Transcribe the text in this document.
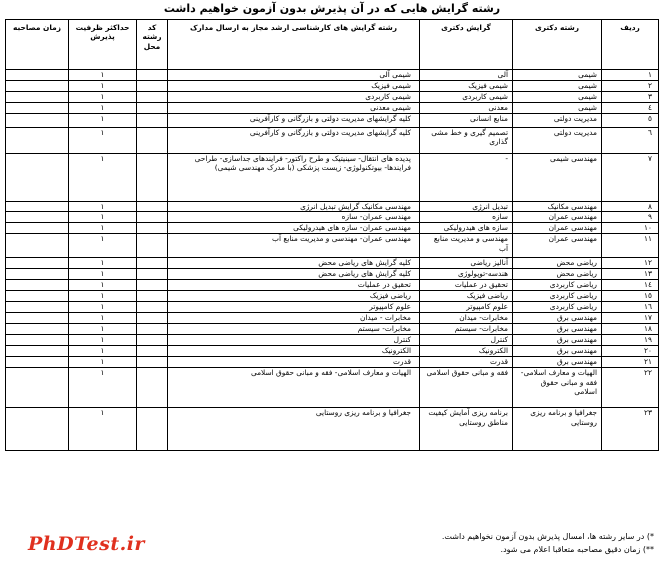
رشته گرایش هایی که در آن پذیرش بدون آزمون خواهیم داشت
ردیف	رشته دکتری	گرایش دکتری	رشته گرایش های کارشناسی ارشد مجاز به ارسال مدارک	کد رشته محل	حداکثر ظرفیت پذیرش	زمان مصاحبه
١	شیمی	آلی	شیمی آلی		١	
٢	شیمی	شیمی فیزیک	شیمی فیزیک		١	
٣	شیمی	شیمی کاربردی	شیمی کاربردی		١	
٤	شیمی	معدنی	شیمی معدنی		١	
٥	مدیریت دولتی	منابع انسانی	کلیه گرایشهای مدیریت دولتی و بازرگانی و کارآفرینی		١	
٦	مدیریت دولتی	تصمیم گیری و خط مشی گذاری	کلیه گرایشهای مدیریت دولتی و بازرگانی و کارآفرینی		١	
٧	مهندسی شیمی	-	پدیده های انتقال- سینیتیک و طرح راکتور- فرایندهای جداسازی- طراحی فرایندها- بیوتکنولوژی- زیست پزشکی (با مدرک مهندسی شیمی)		١	
٨	مهندسی مکانیک	تبدیل انرژی	مهندسی مکانیک گرایش تبدیل انرژی		١	
٩	مهندسی عمران	سازه	مهندسی عمران- سازه		١	
١٠	مهندسی عمران	سازه های هیدرولیکی	مهندسی عمران- سازه های هیدرولیکی		١	
١١	مهندسی عمران	مهندسی و مدیریت منابع آب	مهندسی عمران- مهندسی و مدیریت منابع آب		١	
١٢	ریاضی محض	آنالیز ریاضی	کلیه گرایش های ریاضی محض		١	
١٣	ریاضی محض	هندسه-توپولوژی	کلیه گرایش های ریاضی محض		١	
١٤	ریاضی کاربردی	تحقیق در عملیات	تحقیق در عملیات		١	
١٥	ریاضی کاربردی	ریاضی فیزیک	ریاضی فیزیک		١	
١٦	ریاضی کاربردی	علوم کامپیوتر	علوم کامپیوتر		١	
١٧	مهندسی برق	مخابرات- میدان	مخابرات - میدان		١	
١٨	مهندسی برق	مخابرات- سیستم	مخابرات- سیستم		١	
١٩	مهندسی برق	کنترل	کنترل		١	
٢٠	مهندسی برق	الکترونیک	الکترونیک		١	
٢١	مهندسی برق	قدرت	قدرت		١	
٢٢	الهیات و معارف اسلامی- فقه و مبانی حقوق اسلامی	فقه و مبانی حقوق اسلامی	الهیات و معارف اسلامی- فقه و مبانی حقوق اسلامی		١	
٢٣	جغرافیا و برنامه ریزی روستایی	برنامه ریزی آمایش کیفیت مناطق روستایی	جغرافیا و برنامه ریزی روستایی		١	

*) در سایر رشته ها، امسال پذیرش بدون آزمون نخواهیم داشت.

**) زمان دقیق مصاحبه متعاقبا اعلام می شود.

PhDTest.ir
